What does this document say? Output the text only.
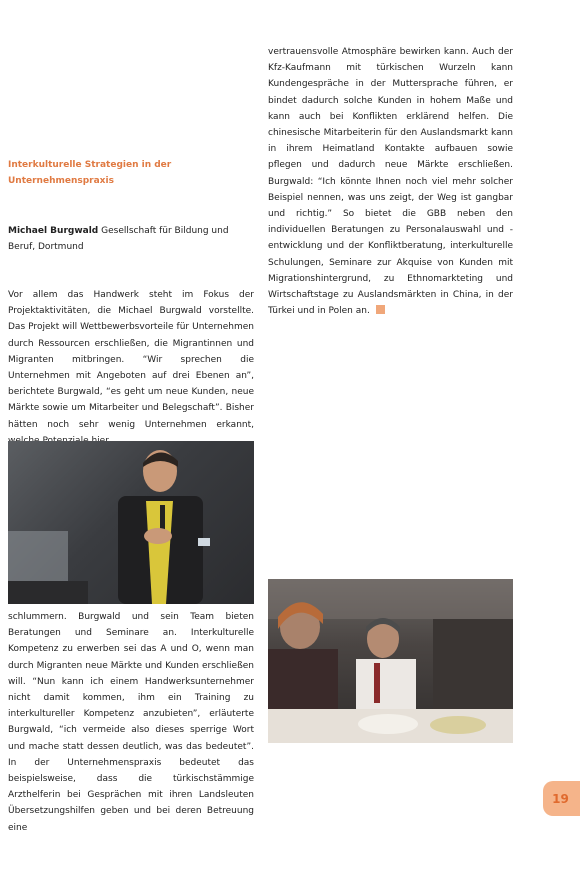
Interkulturelle Strategien in der Unternehmenspraxis
Michael Burgwald Gesellschaft für Bildung und Beruf, Dortmund

Vor allem das Handwerk steht im Fokus der Projektaktivitäten, die Michael Burgwald vorstellte. Das Projekt will Wettbewerbsvorteile für Unternehmen durch Ressourcen erschließen, die Migrantinnen und Migranten mitbringen. “Wir sprechen die Unternehmen mit Angeboten auf drei Ebenen an”, berichtete Burgwald, “es geht um neue Kunden, neue Märkte sowie um Mitarbeiter und Belegschaft”. Bisher hätten noch sehr wenig Unternehmen erkannt,

schlummern. Burgwald und sein Team bieten Beratungen und Seminare an. Interkulturelle Kompetenz zu erwerben sei das A und O, wenn man durch Migranten neue Märkte und Kunden erschließen will. “Nun kann ich einem Handwerksunternehmer nicht damit kommen, ihm ein Training zu interkultureller Kompetenz anzubieten”, erläuterte Burgwald, “ich vermeide also dieses sperrige Wort und mache statt dessen deutlich, was das bedeutet”. In der Unternehmenspraxis bedeutet das beispielsweise, dass die türkischstämmige Arzthelferin bei Gesprächen mit ihren Landsleuten Übersetzungshilfen geben und bei deren Betreuung eine

vertrauensvolle Atmosphäre bewirken kann. Auch der Kfz-Kaufmann mit türkischen Wurzeln kann Kundengespräche in der Muttersprache führen, er bindet dadurch solche Kunden in hohem Maße und kann auch bei Konflikten erklärend helfen. Die chinesische Mitarbeiterin für den Auslandsmarkt kann in ihrem Heimatland Kontakte aufbauen sowie pflegen und dadurch neue Märkte erschließen. Burgwald: “Ich könnte Ihnen noch viel mehr solcher Beispiel nennen, was uns zeigt, der Weg ist gangbar und richtig.” So bietet die GBB neben den individuellen Beratungen zu Personalauswahl und -entwicklung und der Konfliktberatung, interkulturelle Schulungen, Seminare zur Akquise von Kunden mit Migrationshintergrund, zu Ethnomarkteting und Wirtschaftstage zu Auslandsmärkten in China, in der Türkei und in Polen an.
19
